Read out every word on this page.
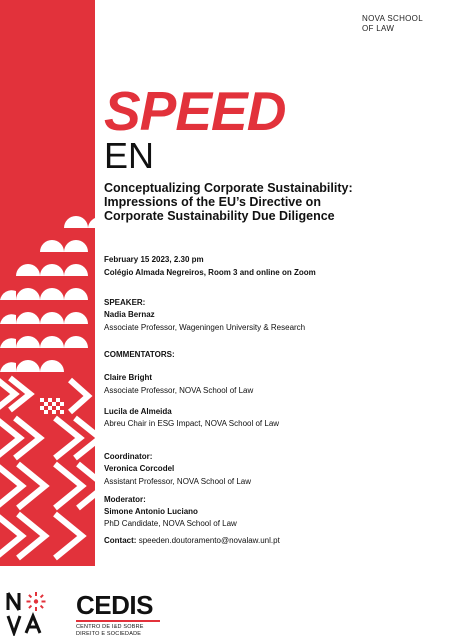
NOVA SCHOOL
OF LAW
SPEED
EN
Conceptualizing Corporate Sustainability:
Impressions of the EU’s Directive on
Corporate Sustainability Due Diligence
February 15 2023, 2.30 pm
Colégio Almada Negreiros, Room 3 and online on Zoom
SPEAKER:
Nadia Bernaz
Associate Professor, Wageningen University & Research
COMMENTATORS:
Claire Bright
Associate Professor, NOVA School of Law
Lucila de Almeida
Abreu Chair in ESG Impact, NOVA School of Law
Coordinator:
Veronica Corcodel
Assistant Professor, NOVA School of Law
Moderator:
Simone Antonio Luciano
PhD Candidate, NOVA School of Law
Contact: speeden.doutoramento@novalaw.unl.pt
CEDIS
CENTRO DE I&D SOBRE
DIREITO E SOCIEDADE
